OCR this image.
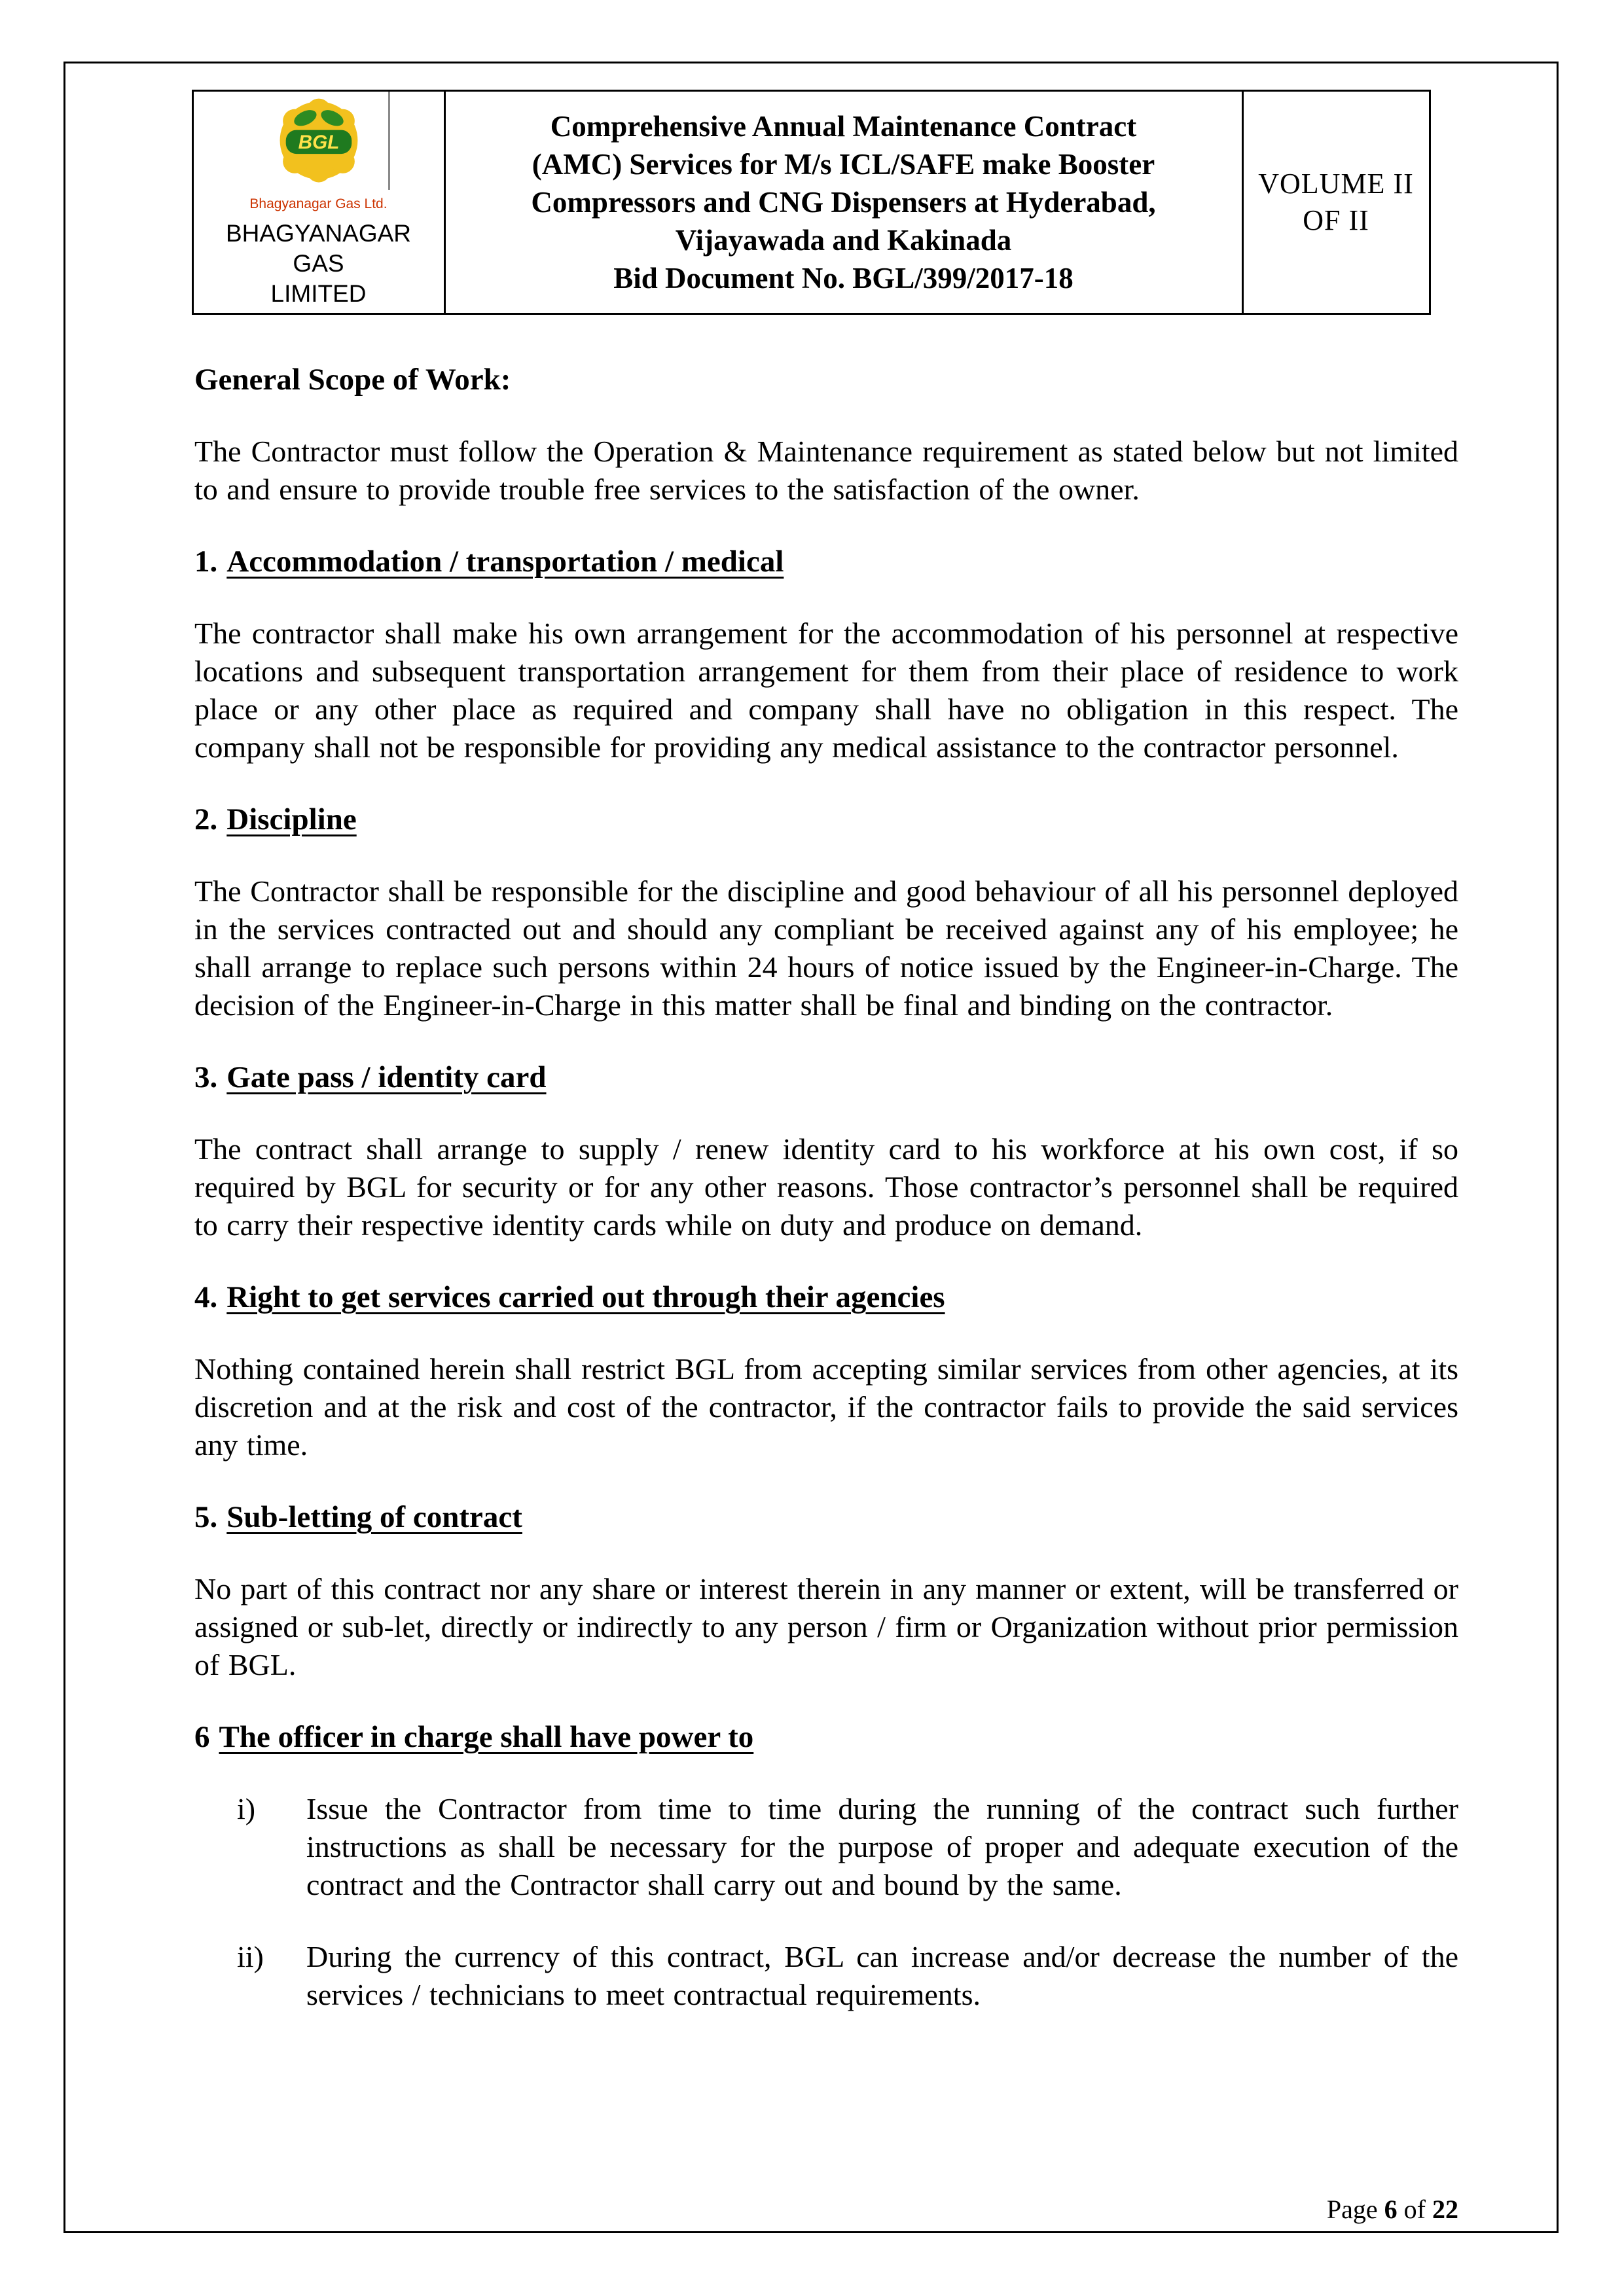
BGL
Bhagyanagar Gas Ltd.
BHAGYANAGAR GAS
LIMITED

Comprehensive Annual Maintenance Contract
(AMC) Services for M/s ICL/SAFE make Booster
Compressors and CNG Dispensers at Hyderabad,
Vijayawada and Kakinada
Bid Document No. BGL/399/2017-18

VOLUME II
OF II
General Scope of Work:

The Contractor must follow the Operation & Maintenance requirement as stated below but not limited to and ensure to provide trouble free services to the satisfaction of the owner.

1. Accommodation / transportation / medical

The contractor shall make his own arrangement for the accommodation of his personnel at respective locations and subsequent transportation arrangement for them from their place of residence to work place or any other place as required and company shall have no obligation in this respect. The company shall not be responsible for providing any medical assistance to the contractor personnel.

2. Discipline

The Contractor shall be responsible for the discipline and good behaviour of all his personnel deployed in the services contracted out and should any compliant be received against any of his employee; he shall arrange to replace such persons within 24 hours of notice issued by the Engineer-in-Charge. The decision of the Engineer-in-Charge in this matter shall be final and binding on the contractor.

3. Gate pass / identity card

The contract shall arrange to supply / renew identity card to his workforce at his own cost, if so required by BGL for security or for any other reasons. Those contractor’s personnel shall be required to carry their respective identity cards while on duty and produce on demand.

4. Right to get services carried out through their agencies

Nothing contained herein shall restrict BGL from accepting similar services from other agencies, at its discretion and at the risk and cost of the contractor, if the contractor fails to provide the said services any time.

5. Sub-letting of contract

No part of this contract nor any share or interest therein in any manner or extent, will be transferred or assigned or sub-let, directly or indirectly to any person / firm or Organization without prior permission of BGL.

6 The officer in charge shall have power to
i)	Issue the Contractor from time to time during the running of the contract such further instructions as shall be necessary for the purpose of proper and adequate execution of the contract and the Contractor shall carry out and bound by the same.
ii)	During the currency of this contract, BGL can increase and/or decrease the number of the services / technicians to meet contractual requirements.
Page 6 of 22
